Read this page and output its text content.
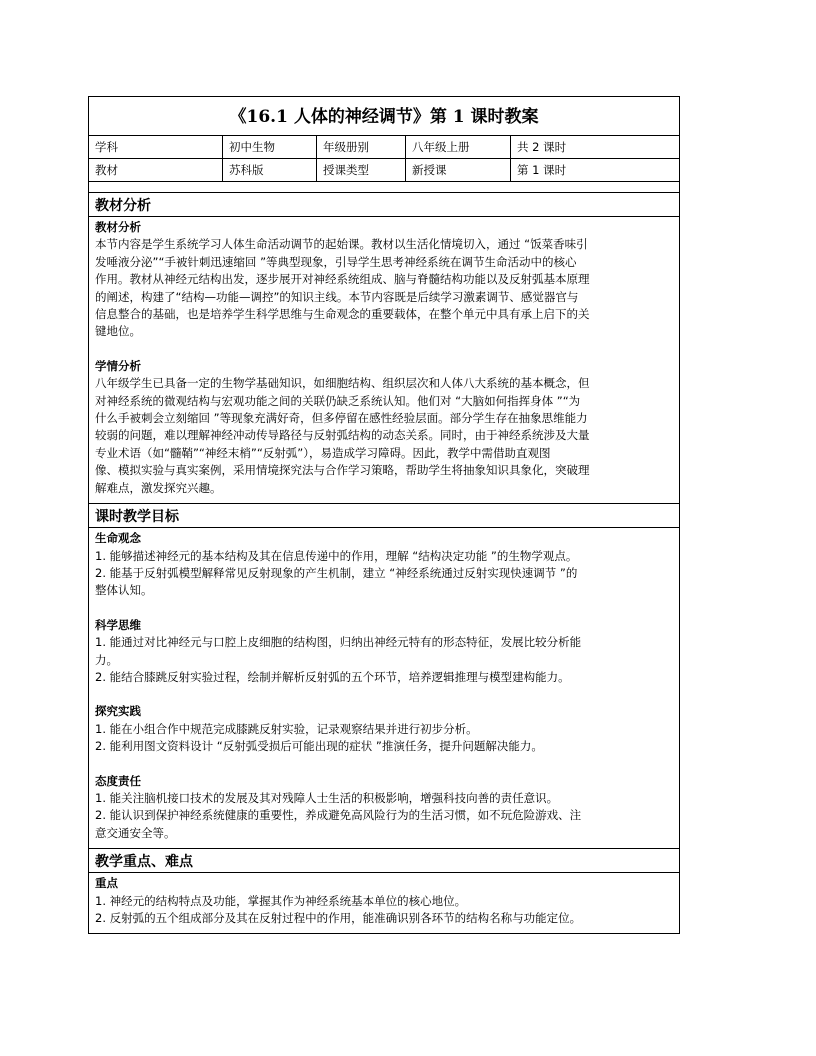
《16.1 人体的神经调节》第 1 课时教案
学科	初中生物	年级册别	八年级上册	共 2 课时
教材	苏科版	授课类型	新授课	第 1 课时
教材分析
教材分析

本节内容是学生系统学习人体生命活动调节的起始课。教材以生活化情境切入，通过 “饭菜香味引

发唾液分泌”“手被针刺迅速缩回 ”等典型现象，引导学生思考神经系统在调节生命活动中的核心

作用。教材从神经元结构出发，逐步展开对神经系统组成、脑与脊髓结构功能以及反射弧基本原理

的阐述，构建了“结构—功能—调控”的知识主线。本节内容既是后续学习激素调节、感觉器官与

信息整合的基础，也是培养学生科学思维与生命观念的重要载体，在整个单元中具有承上启下的关

键地位。

学情分析

八年级学生已具备一定的生物学基础知识，如细胞结构、组织层次和人体八大系统的基本概念，但

对神经系统的微观结构与宏观功能之间的关联仍缺乏系统认知。他们对 “大脑如何指挥身体 ”“为

什么手被刺会立刻缩回 ”等现象充满好奇，但多停留在感性经验层面。部分学生存在抽象思维能力

较弱的问题，难以理解神经冲动传导路径与反射弧结构的动态关系。同时，由于神经系统涉及大量

专业术语（如“髓鞘”“神经末梢”“反射弧”），易造成学习障碍。因此，教学中需借助直观图

像、模拟实验与真实案例，采用情境探究法与合作学习策略，帮助学生将抽象知识具象化，突破理

解难点，激发探究兴趣。

课时教学目标
生命观念

1. 能够描述神经元的基本结构及其在信息传递中的作用，理解 “结构决定功能 ”的生物学观点。

2. 能基于反射弧模型解释常见反射现象的产生机制，建立 “神经系统通过反射实现快速调节 ”的

整体认知。

科学思维

1. 能通过对比神经元与口腔上皮细胞的结构图，归纳出神经元特有的形态特征，发展比较分析能

力。

2. 能结合膝跳反射实验过程，绘制并解析反射弧的五个环节，培养逻辑推理与模型建构能力。

探究实践

1. 能在小组合作中规范完成膝跳反射实验，记录观察结果并进行初步分析。

2. 能利用图文资料设计 “反射弧受损后可能出现的症状 ”推演任务，提升问题解决能力。

态度责任

1. 能关注脑机接口技术的发展及其对残障人士生活的积极影响，增强科技向善的责任意识。

2. 能认识到保护神经系统健康的重要性，养成避免高风险行为的生活习惯，如不玩危险游戏、注

意交通安全等。

教学重点、难点
重点

1. 神经元的结构特点及功能，掌握其作为神经系统基本单位的核心地位。

2. 反射弧的五个组成部分及其在反射过程中的作用，能准确识别各环节的结构名称与功能定位。
